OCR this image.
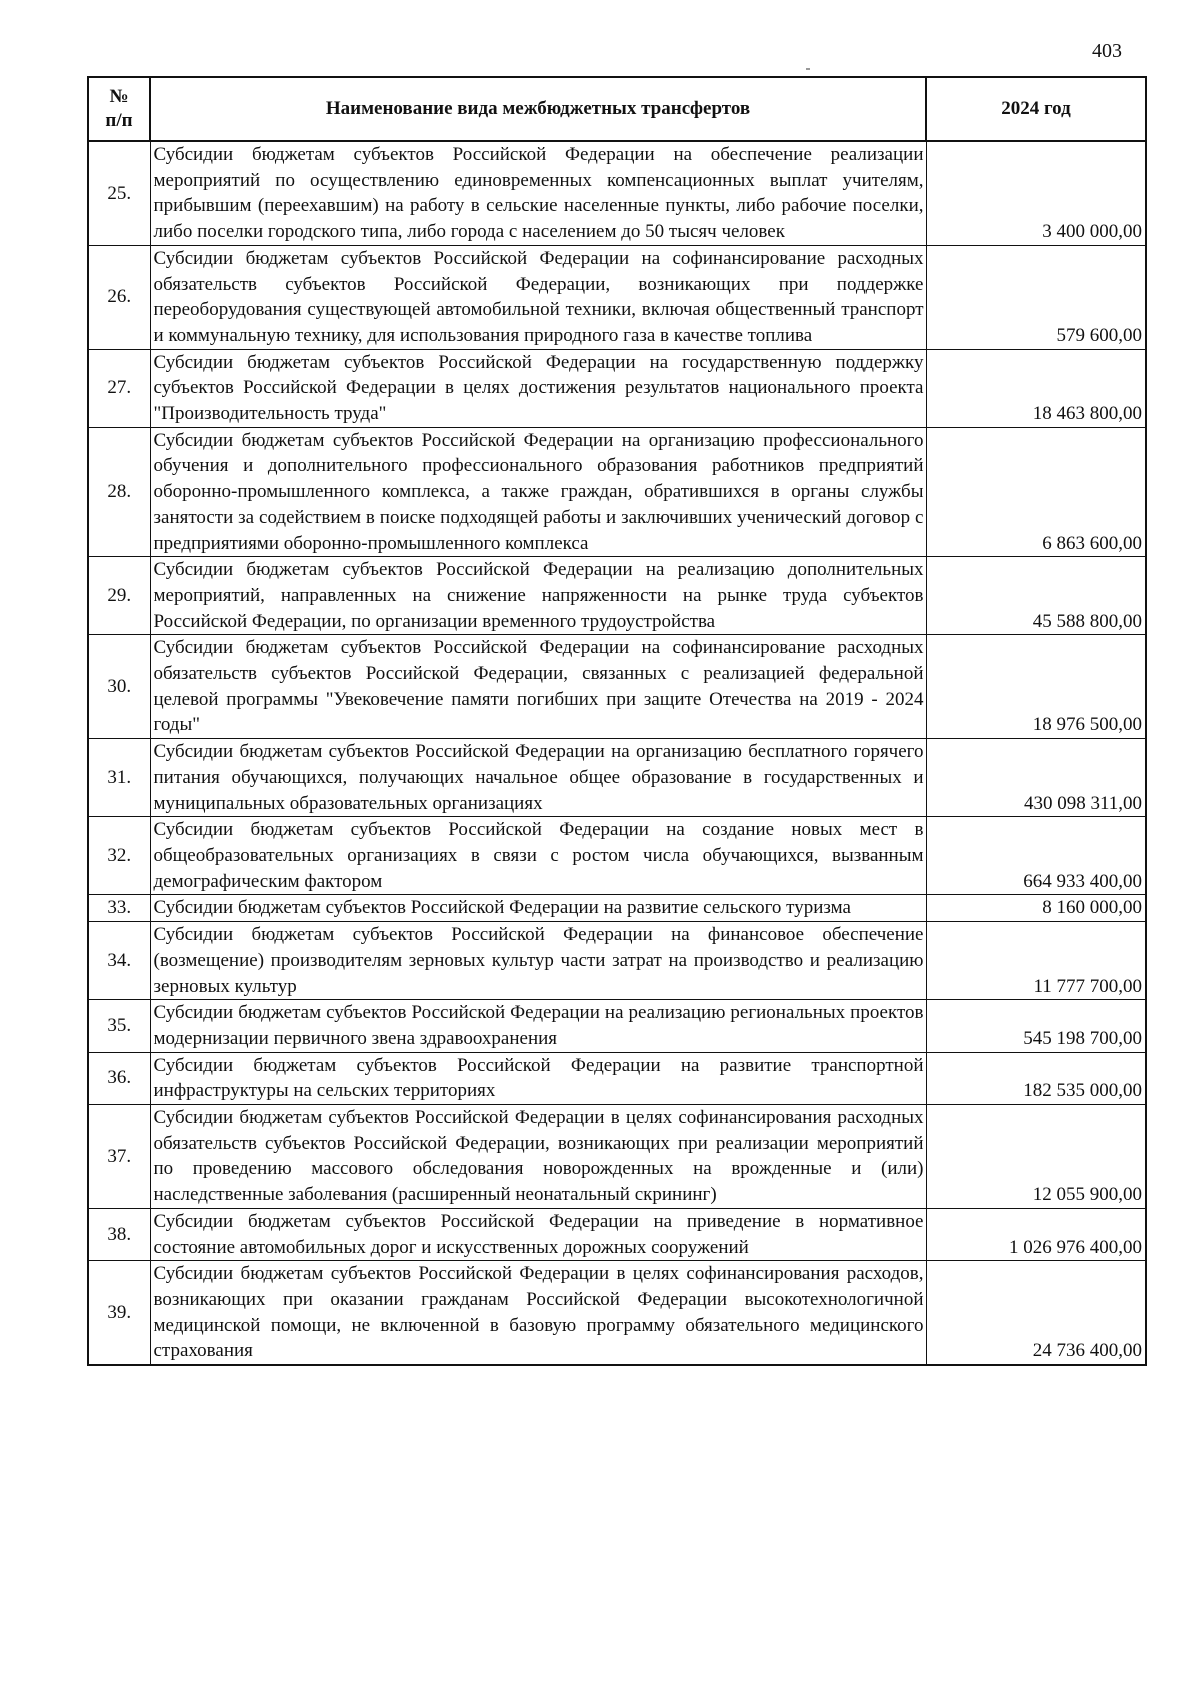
403
№ п/п	Наименование вида межбюджетных трансфертов	2024 год
25.	Субсидии бюджетам субъектов Российской Федерации на обеспечение реализации мероприятий по осуществлению единовременных компенсационных выплат учителям, прибывшим (переехавшим) на работу в сельские населенные пункты, либо рабочие поселки, либо поселки городского типа, либо города с населением до 50 тысяч человек	3 400 000,00
26.	Субсидии бюджетам субъектов Российской Федерации на софинансирование расходных обязательств субъектов Российской Федерации, возникающих при поддержке переоборудования существующей автомобильной техники, включая общественный транспорт и коммунальную технику, для использования природного газа в качестве топлива	579 600,00
27.	Субсидии бюджетам субъектов Российской Федерации на государственную поддержку субъектов Российской Федерации в целях достижения результатов национального проекта "Производительность труда"	18 463 800,00
28.	Субсидии бюджетам субъектов Российской Федерации на организацию профессионального обучения и дополнительного профессионального образования работников предприятий оборонно-промышленного комплекса, а также граждан, обратившихся в органы службы занятости за содействием в поиске подходящей работы и заключивших ученический договор с предприятиями оборонно-промышленного комплекса	6 863 600,00
29.	Субсидии бюджетам субъектов Российской Федерации на реализацию дополнительных мероприятий, направленных на снижение напряженности на рынке труда субъектов Российской Федерации, по организации временного трудоустройства	45 588 800,00
30.	Субсидии бюджетам субъектов Российской Федерации на софинансирование расходных обязательств субъектов Российской Федерации, связанных с реализацией федеральной целевой программы "Увековечение памяти погибших при защите Отечества на 2019 - 2024 годы"	18 976 500,00
31.	Субсидии бюджетам субъектов Российской Федерации на организацию бесплатного горячего питания обучающихся, получающих начальное общее образование в государственных и муниципальных образовательных организациях	430 098 311,00
32.	Субсидии бюджетам субъектов Российской Федерации на создание новых мест в общеобразовательных организациях в связи с ростом числа обучающихся, вызванным демографическим фактором	664 933 400,00
33.	Субсидии бюджетам субъектов Российской Федерации на развитие сельского туризма	8 160 000,00
34.	Субсидии бюджетам субъектов Российской Федерации на финансовое обеспечение (возмещение) производителям зерновых культур части затрат на производство и реализацию зерновых культур	11 777 700,00
35.	Субсидии бюджетам субъектов Российской Федерации на реализацию региональных проектов модернизации первичного звена здравоохранения	545 198 700,00
36.	Субсидии бюджетам субъектов Российской Федерации на развитие транспортной инфраструктуры на сельских территориях	182 535 000,00
37.	Субсидии бюджетам субъектов Российской Федерации в целях софинансирования расходных обязательств субъектов Российской Федерации, возникающих при реализации мероприятий по проведению массового обследования новорожденных на врожденные и (или) наследственные заболевания (расширенный неонатальный скрининг)	12 055 900,00
38.	Субсидии бюджетам субъектов Российской Федерации на приведение в нормативное состояние автомобильных дорог и искусственных дорожных сооружений	1 026 976 400,00
39.	Субсидии бюджетам субъектов Российской Федерации в целях софинансирования расходов, возникающих при оказании гражданам Российской Федерации высокотехнологичной медицинской помощи, не включенной в базовую программу обязательного медицинского страхования	24 736 400,00
